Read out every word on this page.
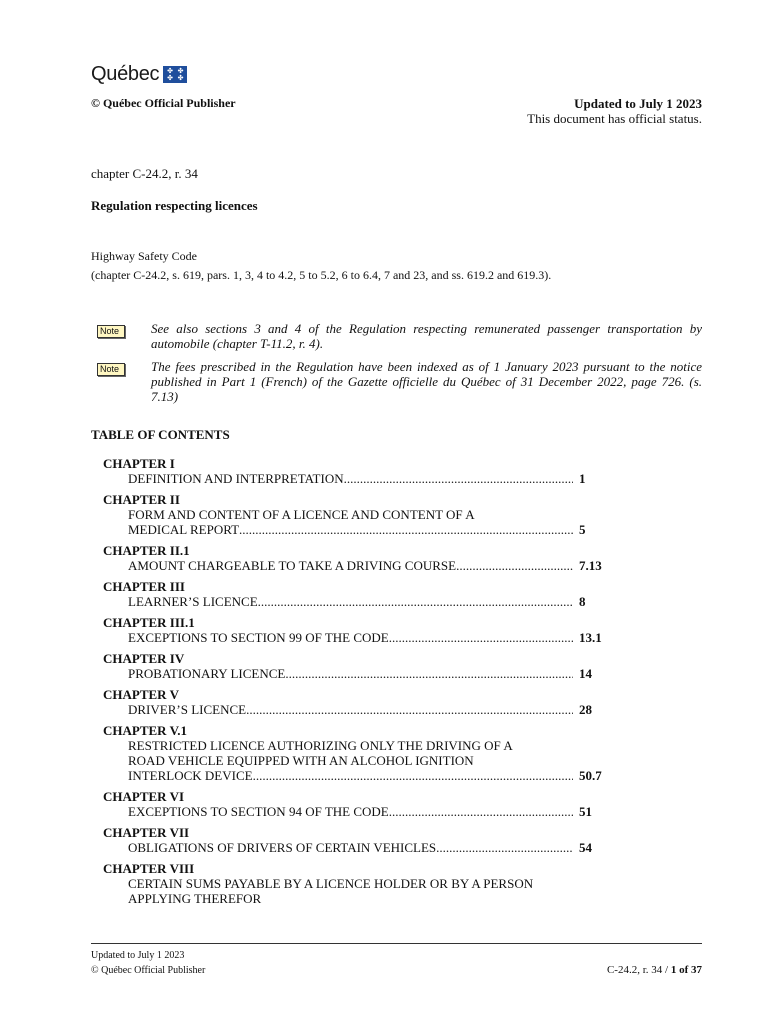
Québec ✤ ✤
✤ ✤
© Québec Official Publisher	Updated to July 1 2023
This document has official status.
chapter C-24.2, r. 34
Regulation respecting licences
Highway Safety Code
(chapter C-24.2, s. 619, pars. 1, 3, 4 to 4.2, 5 to 5.2, 6 to 6.4, 7 and 23, and ss. 619.2 and 619.3).
Note	See also sections 3 and 4 of the Regulation respecting remunerated passenger transportation by automobile (chapter T-11.2, r. 4).
Note	The fees prescribed in the Regulation have been indexed as of 1 January 2023 pursuant to the notice published in Part 1 (French) of the Gazette officielle du Québec of 31 December 2022, page 726. (s. 7.13)
TABLE OF CONTENTS
CHAPTER I
DEFINITION AND INTERPRETATION .....	1
CHAPTER II
FORM AND CONTENT OF A LICENCE AND CONTENT OF A
MEDICAL REPORT .....	5
CHAPTER II.1
AMOUNT CHARGEABLE TO TAKE A DRIVING COURSE .....	7.13
CHAPTER III
LEARNER’S LICENCE .....	8
CHAPTER III.1
EXCEPTIONS TO SECTION 99 OF THE CODE .....	13.1
CHAPTER IV
PROBATIONARY LICENCE .....	14
CHAPTER V
DRIVER’S LICENCE .....	28
CHAPTER V.1
RESTRICTED LICENCE AUTHORIZING ONLY THE DRIVING OF A
ROAD VEHICLE EQUIPPED WITH AN ALCOHOL IGNITION
INTERLOCK DEVICE .....	50.7
CHAPTER VI
EXCEPTIONS TO SECTION 94 OF THE CODE .....	51
CHAPTER VII
OBLIGATIONS OF DRIVERS OF CERTAIN VEHICLES .....	54
CHAPTER VIII
CERTAIN SUMS PAYABLE BY A LICENCE HOLDER OR BY A PERSON
APPLYING THEREFOR
Updated to July 1 2023
© Québec Official Publisher	C-24.2, r. 34 / 1 of 37
